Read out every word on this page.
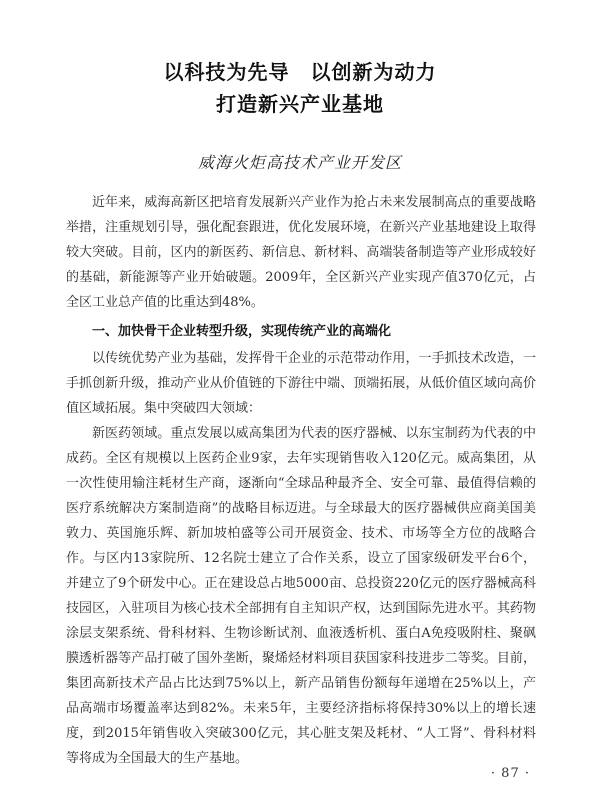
以科技为先导　以创新为动力
打造新兴产业基地
威海火炬高技术产业开发区

近年来，威海高新区把培育发展新兴产业作为抢占未来发展制高点的重要战略举措，注重规划引导，强化配套跟进，优化发展环境，在新兴产业基地建设上取得较大突破。目前，区内的新医药、新信息、新材料、高端装备制造等产业形成较好的基础，新能源等产业开始破题。2009年，全区新兴产业实现产值370亿元，占全区工业总产值的比重达到48%。

一、加快骨干企业转型升级，实现传统产业的高端化

以传统优势产业为基础，发挥骨干企业的示范带动作用，一手抓技术改造，一手抓创新升级，推动产业从价值链的下游往中端、顶端拓展，从低价值区域向高价值区域拓展。集中突破四大领域：

新医药领域。重点发展以威高集团为代表的医疗器械、以东宝制药为代表的中成药。全区有规模以上医药企业9家，去年实现销售收入120亿元。威高集团，从一次性使用输注耗材生产商，逐渐向“全球品种最齐全、安全可靠、最值得信赖的医疗系统解决方案制造商”的战略目标迈进。与全球最大的医疗器械供应商美国美敦力、英国施乐辉、新加坡柏盛等公司开展资金、技术、市场等全方位的战略合作。与区内13家院所、12名院士建立了合作关系，设立了国家级研发平台6个，并建立了9个研发中心。正在建设总占地5000亩、总投资220亿元的医疗器械高科技园区，入驻项目为核心技术全部拥有自主知识产权，达到国际先进水平。其药物涂层支架系统、骨科材料、生物诊断试剂、血液透析机、蛋白A免疫吸附柱、聚砜膜透析器等产品打破了国外垄断，聚烯烃材料项目获国家科技进步二等奖。目前，集团高新技术产品占比达到75%以上，新产品销售份额每年递增在25%以上，产品高端市场覆盖率达到82%。未来5年，主要经济指标将保持30%以上的增长速度，到2015年销售收入突破300亿元，其心脏支架及耗材、“人工肾”、骨科材料等将成为全国最大的生产基地。

· 87 ·
